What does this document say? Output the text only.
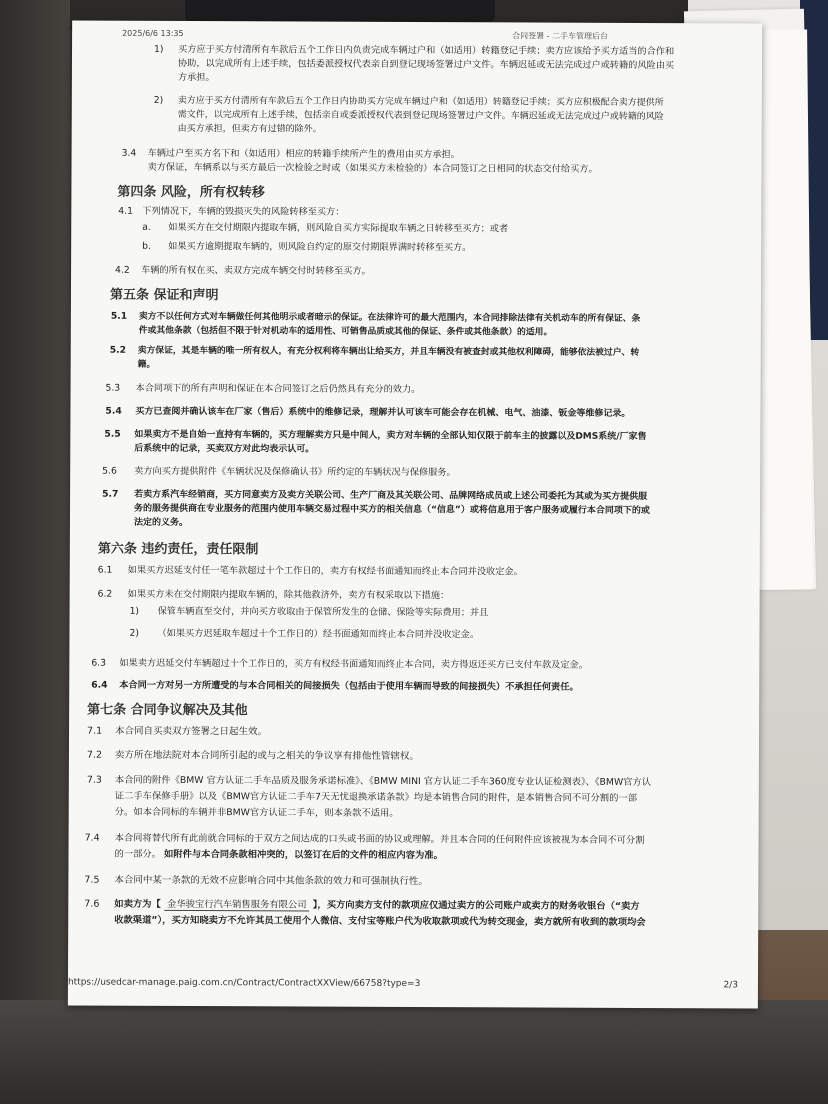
2025/6/6 13:35	合同签署 - 二手车管理后台
1) 买方应于买方付清所有车款后五个工作日内负责完成车辆过户和（如适用）转籍登记手续；卖方应该给予买方适当的合作和
协助，以完成所有上述手续，包括委派授权代表亲自到登记现场签署过户文件。车辆迟延或无法完成过户或转籍的风险由买
方承担。
2) 卖方应于买方付清所有车款后五个工作日内协助买方完成车辆过户和（如适用）转籍登记手续；买方应积极配合卖方提供所
需文件，以完成所有上述手续，包括亲自或委派授权代表到登记现场签署过户文件。车辆迟延或无法完成过户或转籍的风险
由买方承担，但卖方有过错的除外。
3.4 车辆过户至买方名下和（如适用）相应的转籍手续所产生的费用由买方承担。
卖方保证，车辆系以与买方最后一次检验之时或（如果买方未检验的）本合同签订之日相同的状态交付给买方。
第四条 风险，所有权转移
4.1 下列情况下，车辆的毁损灭失的风险转移至买方：
a. 如果买方在交付期限内提取车辆，则风险自买方实际提取车辆之日转移至买方；或者
b. 如果买方逾期提取车辆的，则风险自约定的原交付期限界满时转移至买方。
4.2 车辆的所有权在买、卖双方完成车辆交付时转移至买方。
第五条 保证和声明
5.1 卖方不以任何方式对车辆做任何其他明示或者暗示的保证。在法律许可的最大范围内，本合同排除法律有关机动车的所有保证、条
件或其他条款（包括但不限于针对机动车的适用性、可销售品质或其他的保证、条件或其他条款）的适用。
5.2 卖方保证，其是车辆的唯一所有权人，有充分权利将车辆出让给买方，并且车辆没有被查封或其他权利障碍，能够依法被过户、转
籍。
5.3 本合同项下的所有声明和保证在本合同签订之后仍然具有充分的效力。
5.4 买方已查阅并确认该车在厂家（售后）系统中的维修记录，理解并认可该车可能会存在机械、电气、油漆、钣金等维修记录。
5.5 如果卖方不是自始一直持有车辆的，买方理解卖方只是中间人，卖方对车辆的全部认知仅限于前车主的披露以及DMS系统/厂家售
后系统中的记录，买卖双方对此均表示认可。
5.6 卖方向买方提供附件《车辆状况及保修确认书》所约定的车辆状况与保修服务。
5.7 若卖方系汽车经销商，买方同意卖方及卖方关联公司、生产厂商及其关联公司、品牌网络成员或上述公司委托为其或为买方提供服
务的服务提供商在专业服务的范围内使用车辆交易过程中买方的相关信息（“信息”）或将信息用于客户服务或履行本合同项下的或
法定的义务。
第六条 违约责任，责任限制
6.1 如果买方迟延支付任一笔车款超过十个工作日的，卖方有权经书面通知而终止本合同并没收定金。
6.2 如果买方未在交付期限内提取车辆的，除其他救济外，卖方有权采取以下措施：
1) 保管车辆直至交付，并向买方收取由于保管所发生的仓储、保险等实际费用；并且
2) （如果买方迟延取车超过十个工作日的）经书面通知而终止本合同并没收定金。
6.3 如果卖方迟延交付车辆超过十个工作日的，买方有权经书面通知而终止本合同，卖方得返还买方已支付车款及定金。
6.4 本合同一方对另一方所遭受的与本合同相关的间接损失（包括由于使用车辆而导致的间接损失）不承担任何责任。
第七条 合同争议解决及其他
7.1 本合同自买卖双方签署之日起生效。
7.2 卖方所在地法院对本合同所引起的或与之相关的争议享有排他性管辖权。
7.3 本合同的附件《BMW 官方认证二手车品质及服务承诺标准》、《BMW MINI 官方认证二手车360度专业认证检测表》、《BMW官方认
证二手车保修手册》以及《BMW官方认证二手车7天无忧退换承诺条款》均是本销售合同的附件，是本销售合同不可分割的一部
分。如本合同标的车辆并非BMW官方认证二手车，则本条款不适用。
7.4 本合同将替代所有此前就合同标的于双方之间达成的口头或书面的协议或理解。并且本合同的任何附件应该被视为本合同不可分割
的一部分。 如附件与本合同条款相冲突的，以签订在后的文件的相应内容为准。
7.5 本合同中某一条款的无效不应影响合同中其他条款的效力和可强制执行性。
7.6 如卖方为【 金华骏宝行汽车销售服务有限公司 】，买方向卖方支付的款项应仅通过卖方的公司账户或卖方的财务收银台（“卖方
收款渠道”），买方知晓卖方不允许其员工使用个人微信、支付宝等账户代为收取款项或代为转交现金，卖方就所有收到的款项均会
https://usedcar-manage.paig.com.cn/Contract/ContractXXView/66758?type=3	2/3
